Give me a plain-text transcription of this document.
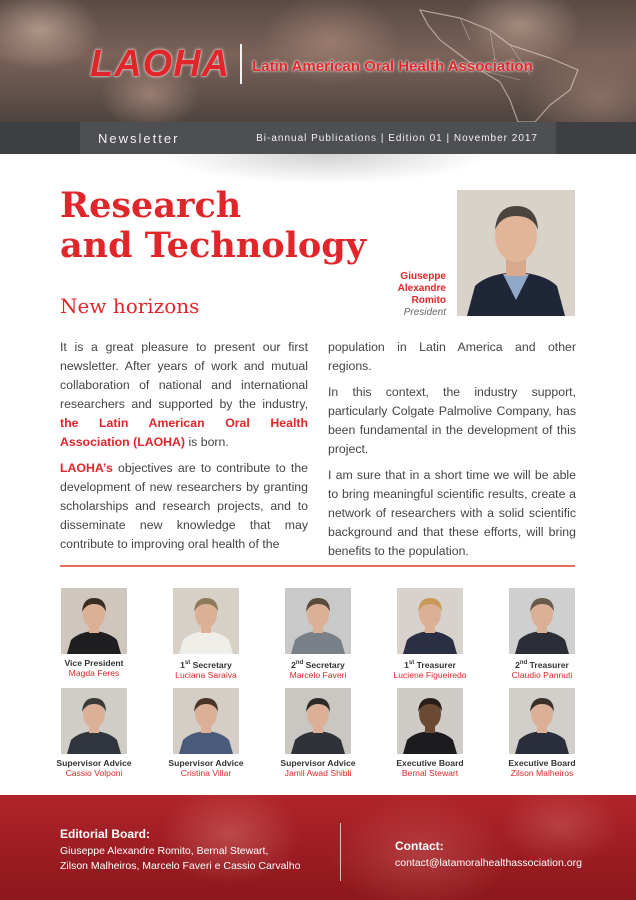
LAOHA Latin American Oral Health Association
Newsletter	Bi-annual Publications | Edition 01 | November 2017
Research
and Technology
New horizons
Giuseppe
Alexandre
Romito
President

It is a great pleasure to present our first newsletter. After years of work and mutual collaboration of national and international researchers and supported by the industry, the Latin American Oral Health Association (LAOHA) is born.

LAOHA’s objectives are to contribute to the development of new researchers by granting scholarships and research projects, and to disseminate new knowledge that may contribute to improving oral health of the

population in Latin America and other regions.

In this context, the industry support, particularly Colgate Palmolive Company, has been fundamental in the development of this project.

I am sure that in a short time we will be able to bring meaningful scientific results, create a network of researchers with a solid scientific background and that these efforts, will bring benefits to the population.

Vice President
Magda Feres
1st Secretary
Luciana Saraiva
2nd Secretary
Marcelo Faveri
1st Treasurer
Luciene Figueiredo
2nd Treasurer
Claudio Pannuti
Supervisor Advice
Cassio Volponi
Supervisor Advice
Cristina Villar
Supervisor Advice
Jamil Awad Shibli
Executive Board
Bernal Stewart
Executive Board
Zilson Malheiros
Editorial Board:
Giuseppe Alexandre Romito, Bernal Stewart,
Zilson Malheiros, Marcelo Faveri e Cassio Carvalho
Contact:
contact@latamoralhealthassociation.org
